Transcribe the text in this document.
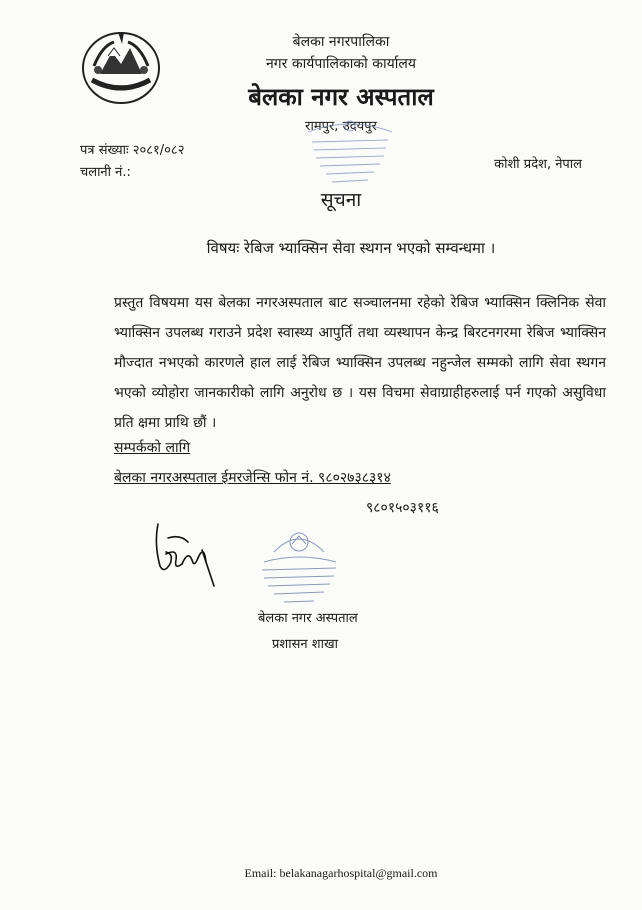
बेलका नगरपालिका
नगर कार्यपालिकाको कार्यालय
बेलका नगर अस्पताल
रामपुर, उदयपुर
पत्र संख्याः २०८१/०८२
चलानी नं.:
कोशी प्रदेश, नेपाल
सूचना
विषयः रेबिज भ्याक्सिन सेवा स्थगन भएको सम्वन्धमा ।
प्रस्तुत विषयमा यस बेलका नगरअस्पताल बाट सञ्चालनमा रहेको रेबिज भ्याक्सिन क्लिनिक सेवा भ्याक्सिन उपलब्ध गराउने प्रदेश स्वास्थ्य आपुर्ति तथा व्यस्थापन केन्द्र बिरटनगरमा रेबिज भ्याक्सिन मौज्दात नभएको कारणले हाल लाई रेबिज भ्याक्सिन उपलब्ध नहुन्जेल सम्मको लागि सेवा स्थगन भएको व्योहोरा जानकारीको लागि अनुरोध छ । यस विचमा सेवाग्राहीहरुलाई पर्न गएको असुविधा प्रति क्षमा प्राथि छौं ।
सम्पर्कको लागि
बेलका नगरअस्पताल ईमरजेन्सि फोन नं. ९८०२७३८३१४
९८०१५०३११६
बेलका नगर अस्पताल
प्रशासन शाखा
Email: belakanagarhospital@gmail.com
